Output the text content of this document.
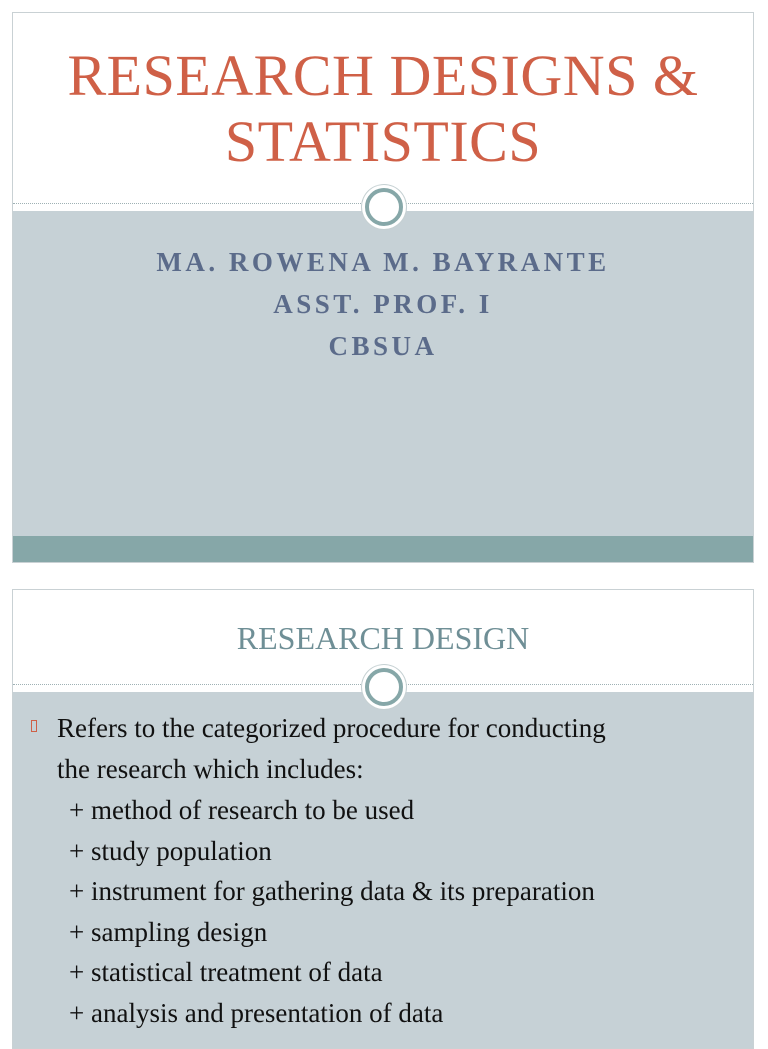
RESEARCH DESIGNS &
STATISTICS
MA. ROWENA M. BAYRANTE
ASST. PROF. I
CBSUA
RESEARCH DESIGN
Refers to the categorized procedure for conducting
the research which includes:
+ method of research to be used
+ study population
+ instrument for gathering data & its preparation
+ sampling design
+ statistical treatment of data
+ analysis and presentation of data
